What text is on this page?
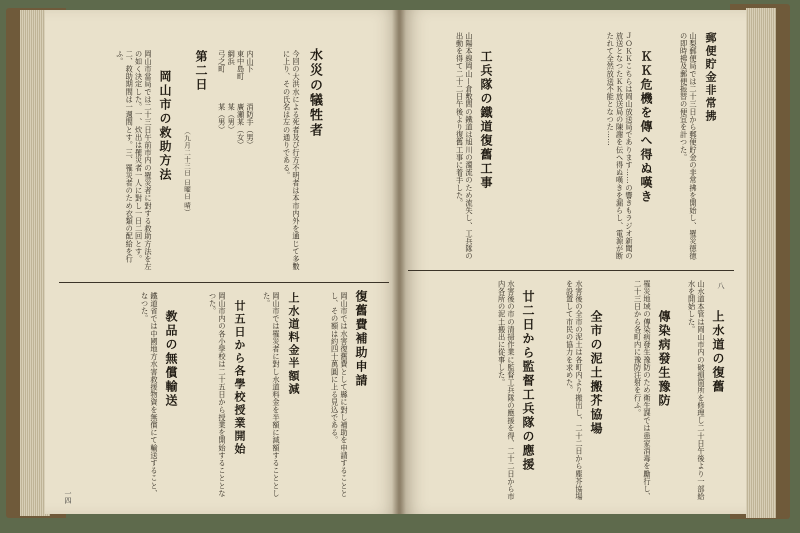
水災の犠牲者
今回の大洪水による死者及び行方不明者は本市内外を通じて多數に上り、その氏名は左の通りである。
内山下　　　　消防手（男）
東中島町　　　廣瀬某（女）
網浜　　　　　某（男）
弓之町　　　　某（男）
第二日
（九月二十三日 日曜日 晴）
岡山市の救助方法
岡山市當局では二十三日午前市内の罹災者に對する救助方法を左の如く決定した。一、炊出は罹災者一人に對し一日二回とす。二、救助期間は一週間とす。三、罹災者のため衣類の配給を行ふ。
復舊費補助申請
岡山市では水害復舊費として縣に對し補助を申請することとし、その額は約四十萬圓に上る見込である。
上水道料金半額減
岡山市では罹災者に對し水道料金を半額に減額することとした。
廿五日から各學校授業開始
岡山市内の各小學校は二十五日から授業を開始することとなつた。
教品の無償輸送
鐵道省では中國地方水害救援物資を無償にて輸送すること、なつた。
一四
郵便貯金非常拂
山梨郵便局では二十三日から郵便貯金の非常拂を開始し、罹災徳徳の即時拂及郵便振替の便宜を計つた。
ＫＫ危機を傳へ得ぬ嘆き
ＪＯＫＫこちらは岡山放送局であります……の響きもラジオ新聞の放送となつたＫＫ放送局の陳謝を伝へ得ぬ嘆きを漏らし、電源が断たれて全然放送不能となつた……
工兵隊の鐵道復舊工事
山陽本線岡山—倉敷間の鐵道は旭川の濁流のため流失し、工兵隊の出動を得て二十二日午後より復舊工事に着手した。
上水道の復舊
山水道本管は岡山市内の破損箇所を修理し二十日午後より一部給水を開始した。
傳染病發生豫防
罹災地域の傳染病發生豫防のため衛生課では患家消毒を勵行し、二十三日から各町内に豫防注射を行ふ。
全市の泥土搬芥協場
水害後の全市の泥土は各町内より搬出し、二十二日から塵芥協場を設置して市民の協力を求めた。
廿二日から監督工兵隊の應援
水害後の市の清掃作業に監督工兵隊の應援を得、二十二日から市内各所の泥土搬出に從事した。	八
